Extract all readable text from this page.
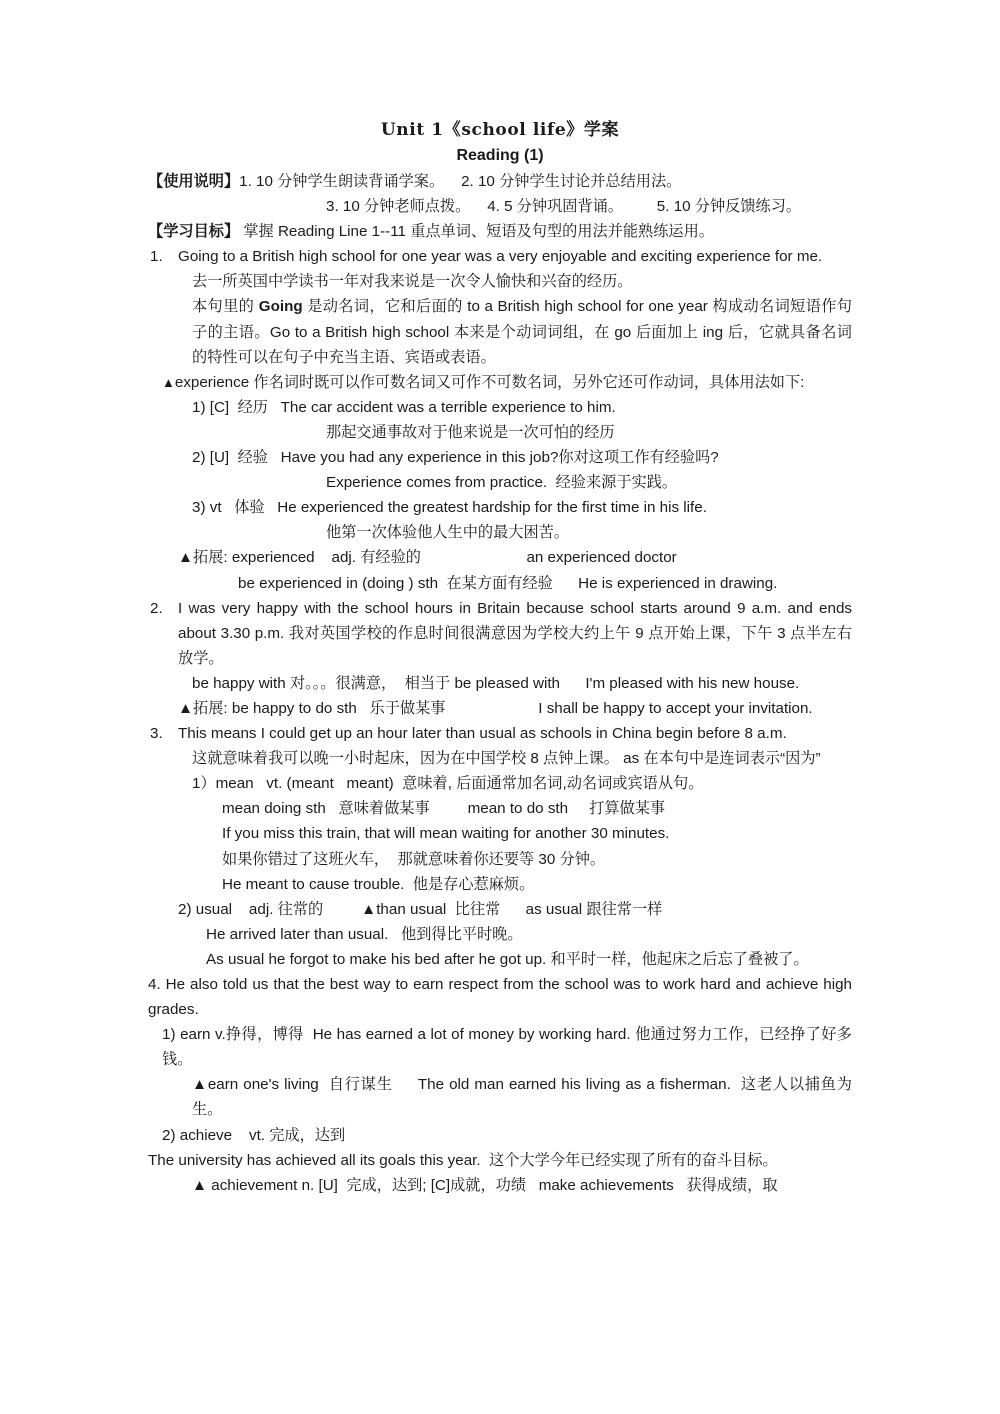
Unit 1《school life》学案
Reading (1)
【使用说明】1. 10 分钟学生朗读背诵学案。    2. 10 分钟学生讨论并总结用法。
3. 10 分钟老师点拨。    4. 5 分钟巩固背诵。        5. 10 分钟反馈练习。
【学习目标】 掌握 Reading Line 1--11 重点单词、短语及句型的用法并能熟练运用。
1. Going to a British high school for one year was a very enjoyable and exciting experience for me.
去一所英国中学读书一年对我来说是一次令人愉快和兴奋的经历。
本句里的 Going 是动名词，它和后面的 to a British high school for one year 构成动名词短语作句子的主语。Go to a British high school 本来是个动词词组，在 go 后面加上 ing 后，它就具备名词的特性可以在句子中充当主语、宾语或表语。
▲experience 作名词时既可以作可数名词又可作不可数名词，另外它还可作动词，具体用法如下:
1) [C]  经历 The car accident was a terrible experience to him.
那起交通事故对于他来说是一次可怕的经历
2) [U]  经验 Have you had any experience in this job?你对这项工作有经验吗?
Experience comes from practice.  经验来源于实践。
3) vt   体验 He experienced the greatest hardship for the first time in his life.
他第一次体验他人生中的最大困苦。
▲拓展: experienced    adj. 有经验的                         an experienced doctor
be experienced in (doing ) sth  在某方面有经验      He is experienced in drawing.
2. I was very happy with the school hours in Britain because school starts around 9 a.m. and ends about 3.30 p.m. 我对英国学校的作息时间很满意因为学校大约上午 9 点开始上课，下午 3 点半左右放学。
be happy with 对。。。很满意，  相当于 be pleased with      I'm pleased with his new house.
▲拓展: be happy to do sth   乐于做某事                      I shall be happy to accept your invitation.
3. This means I could get up an hour later than usual as schools in China begin before 8 a.m.
这就意味着我可以晚一小时起床，因为在中国学校 8 点钟上课。 as 在本句中是连词表示“因为”
1）mean   vt. (meant   meant)  意味着, 后面通常加名词,动名词或宾语从句。
mean doing sth   意味着做某事         mean to do sth     打算做某事
If you miss this train, that will mean waiting for another 30 minutes.
如果你错过了这班火车，  那就意味着你还要等 30 分钟。
He meant to cause trouble.  他是存心惹麻烦。
2) usual    adj. 往常的         ▲than usual  比往常      as usual 跟往常一样
He arrived later than usual.   他到得比平时晚。
As usual he forgot to make his bed after he got up. 和平时一样，他起床之后忘了叠被了。
4. He also told us that the best way to earn respect from the school was to work hard and achieve high grades.
1) earn v.挣得，博得  He has earned a lot of money by working hard. 他通过努力工作，已经挣了好多钱。
▲earn one's living  自行谋生     The old man earned his living as a fisherman.  这老人以捕鱼为生。
2) achieve    vt. 完成，达到
The university has achieved all its goals this year.  这个大学今年已经实现了所有的奋斗目标。
▲ achievement n. [U]  完成，达到; [C]成就，功绩   make achievements   获得成绩，取
